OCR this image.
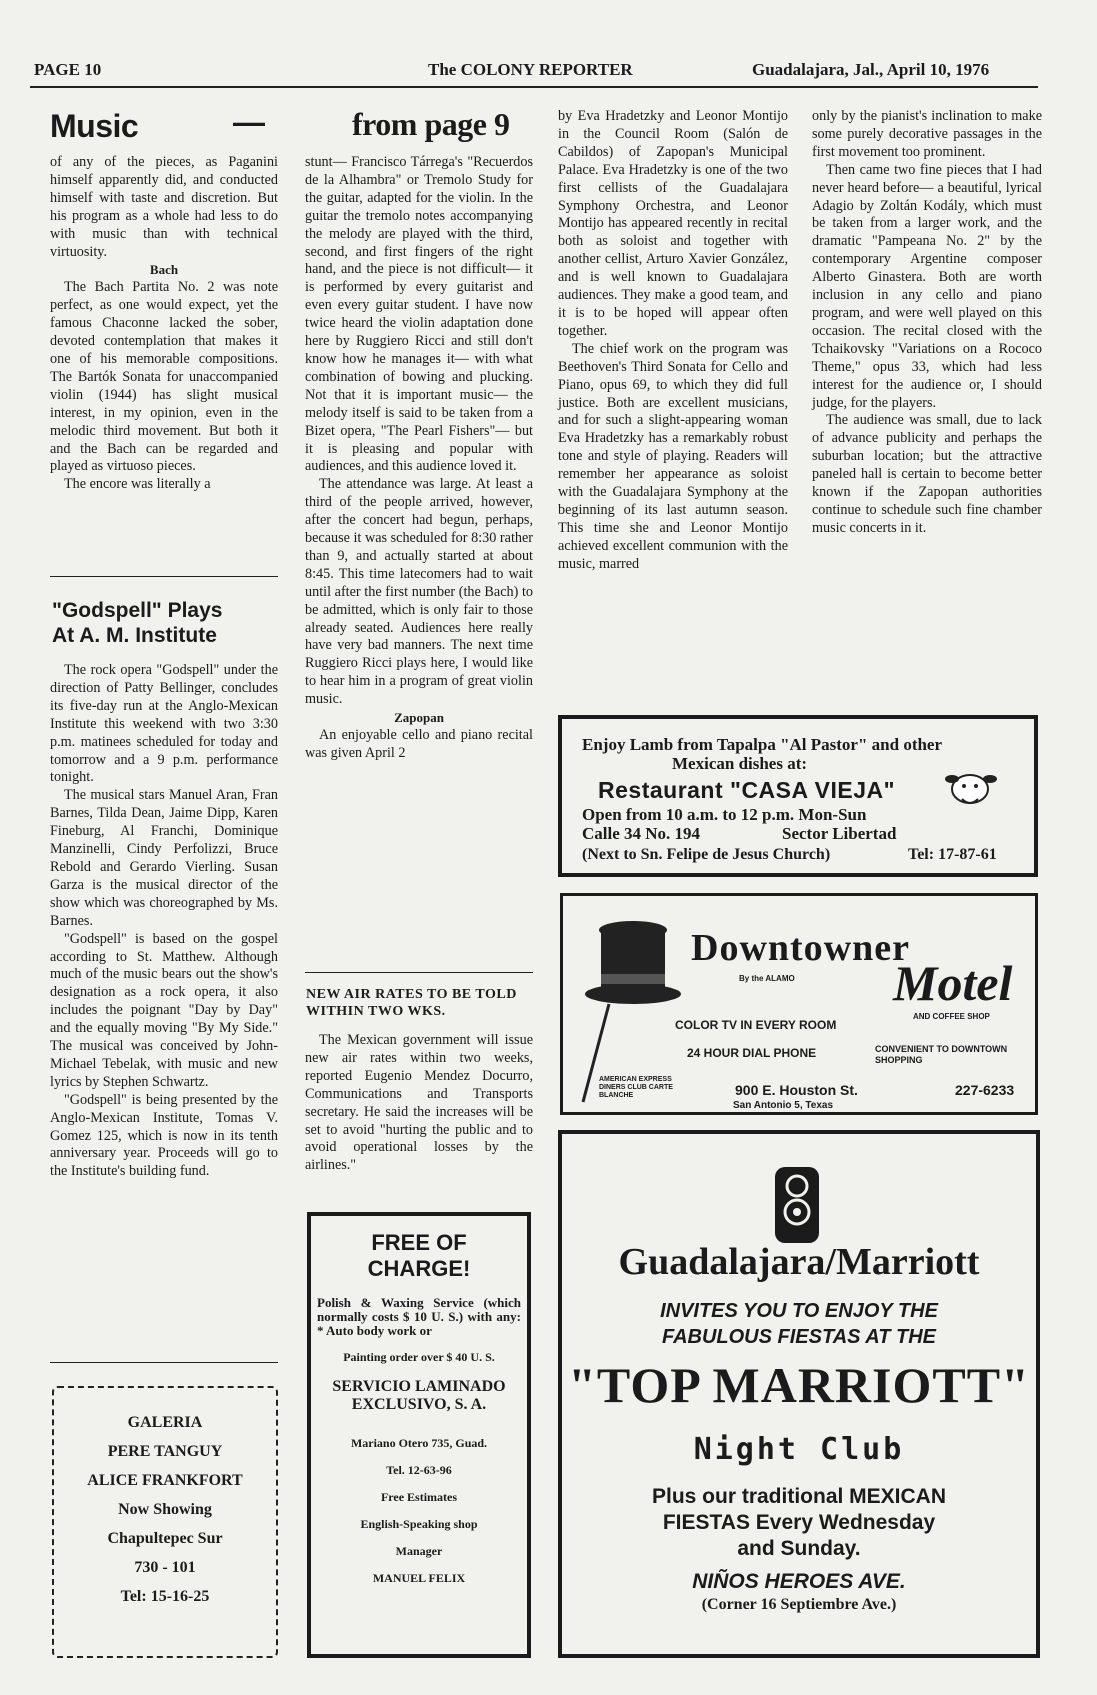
PAGE 10	The COLONY REPORTER	Guadalajara, Jal., April 10, 1976
Music	—	from page 9

of any of the pieces, as Paganini himself apparently did, and conducted himself with taste and discretion. But his program as a whole had less to do with music than with technical virtuosity.

Bach

The Bach Partita No. 2 was note perfect, as one would expect, yet the famous Chaconne lacked the sober, devoted contemplation that makes it one of his memorable compositions. The Bartók Sonata for unaccompanied violin (1944) has slight musical interest, in my opinion, even in the melodic third movement. But both it and the Bach can be regarded and played as virtuoso pieces.

The encore was literally a

"Godspell" Plays
At A. M. Institute

The rock opera "Godspell" under the direction of Patty Bellinger, concludes its five-day run at the Anglo-Mexican Institute this weekend with two 3:30 p.m. matinees scheduled for today and tomorrow and a 9 p.m. performance tonight.

The musical stars Manuel Aran, Fran Barnes, Tilda Dean, Jaime Dipp, Karen Fineburg, Al Franchi, Dominique Manzinelli, Cindy Perfolizzi, Bruce Rebold and Gerardo Vierling. Susan Garza is the musical director of the show which was choreographed by Ms. Barnes.

"Godspell" is based on the gospel according to St. Matthew. Although much of the music bears out the show's designation as a rock opera, it also includes the poignant "Day by Day" and the equally moving "By My Side." The musical was conceived by John-Michael Tebelak, with music and new lyrics by Stephen Schwartz.

"Godspell" is being presented by the Anglo-Mexican Institute, Tomas V. Gomez 125, which is now in its tenth anniversary year. Proceeds will go to the Institute's building fund.

GALERIA
PERE TANGUY
ALICE FRANKFORT
Now Showing
Chapultepec Sur
730 - 101
Tel: 15-16-25

stunt— Francisco Tárrega's "Recuerdos de la Alhambra" or Tremolo Study for the guitar, adapted for the violin. In the guitar the tremolo notes accompanying the melody are played with the third, second, and first fingers of the right hand, and the piece is not difficult— it is performed by every guitarist and even every guitar student. I have now twice heard the violin adaptation done here by Ruggiero Ricci and still don't know how he manages it— with what combination of bowing and plucking. Not that it is important music— the melody itself is said to be taken from a Bizet opera, "The Pearl Fishers"— but it is pleasing and popular with audiences, and this audience loved it.

The attendance was large. At least a third of the people arrived, however, after the concert had begun, perhaps, because it was scheduled for 8:30 rather than 9, and actually started at about 8:45. This time latecomers had to wait until after the first number (the Bach) to be admitted, which is only fair to those already seated. Audiences here really have very bad manners. The next time Ruggiero Ricci plays here, I would like to hear him in a program of great violin music.

Zapopan

An enjoyable cello and piano recital was given April 2

NEW AIR RATES TO BE TOLD WITHIN TWO WKS.

The Mexican government will issue new air rates within two weeks, reported Eugenio Mendez Docurro, Communications and Transports secretary. He said the increases will be set to avoid "hurting the public and to avoid operational losses by the airlines."

FREE OF
CHARGE!
Polish & Waxing Service (which normally costs $ 10 U. S.) with any: * Auto body work or
Painting order over $ 40 U. S.
SERVICIO LAMINADO EXCLUSIVO, S. A.
Mariano Otero 735, Guad.
Tel. 12-63-96
Free Estimates
English-Speaking shop
Manager
MANUEL FELIX

by Eva Hradetzky and Leonor Montijo in the Council Room (Salón de Cabildos) of Zapopan's Municipal Palace. Eva Hradetzky is one of the two first cellists of the Guadalajara Symphony Orchestra, and Leonor Montijo has appeared recently in recital both as soloist and together with another cellist, Arturo Xavier González, and is well known to Guadalajara audiences. They make a good team, and it is to be hoped will appear often together.

The chief work on the program was Beethoven's Third Sonata for Cello and Piano, opus 69, to which they did full justice. Both are excellent musicians, and for such a slight-appearing woman Eva Hradetzky has a remarkably robust tone and style of playing. Readers will remember her appearance as soloist with the Guadalajara Symphony at the beginning of its last autumn season. This time she and Leonor Montijo achieved excellent communion with the music, marred

only by the pianist's inclination to make some purely decorative passages in the first movement too prominent.

Then came two fine pieces that I had never heard before— a beautiful, lyrical Adagio by Zoltán Kodály, which must be taken from a larger work, and the dramatic "Pampeana No. 2" by the contemporary Argentine composer Alberto Ginastera. Both are worth inclusion in any cello and piano program, and were well played on this occasion. The recital closed with the Tchaikovsky "Variations on a Rococo Theme," opus 33, which had less interest for the audience or, I should judge, for the players.

The audience was small, due to lack of advance publicity and perhaps the suburban location; but the attractive paneled hall is certain to become better known if the Zapopan authorities continue to schedule such fine chamber music concerts in it.

Enjoy Lamb from Tapalpa "Al Pastor" and other
Mexican dishes at:
Restaurant "CASA VIEJA"
Open from 10 a.m. to 12 p.m. Mon-Sun
Calle 34 No. 194	Sector Libertad
(Next to Sn. Felipe de Jesus Church)	Tel: 17-87-61
Downtowner
Motel
By the ALAMO
COLOR TV IN EVERY ROOM
AND COFFEE SHOP
24 HOUR DIAL PHONE	CONVENIENT TO DOWNTOWN SHOPPING
AMERICAN EXPRESS DINERS CLUB CARTE BLANCHE	900 E. Houston St.
San Antonio 5, Texas
227-6233
Guadalajara/Marriott
INVITES YOU TO ENJOY THE
FABULOUS FIESTAS AT THE
"TOP MARRIOTT"
Night Club
Plus our traditional MEXICAN
FIESTAS Every Wednesday
and Sunday.
NIÑOS HEROES AVE.
(Corner 16 Septiembre Ave.)
